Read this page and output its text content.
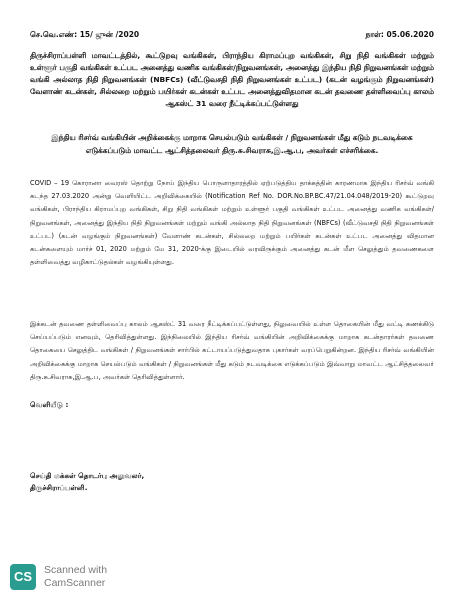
செ.வெ.எண்: 15/ ஜுன் /2020	நாள்: 05.06.2020
திருச்சிராப்பள்ளி மாவட்டத்தில், கூட்டுறவு வங்கிகள், பிராந்திய கிராமப்புற வங்கிகள், சிறு நிதி வங்கிகள் மற்றும் உள்ளூர் பகுதி வங்கிகள் உட்பட அனைத்து வணிக வங்கிகள்/நிறுவனங்கள், அனைத்து இந்திய நிதி நிறுவனங்கள் மற்றும் வங்கி அல்லாத நிதி நிறுவனங்கள் (NBFCs) (வீட்டுவசதி நிதி நிறுவனங்கள் உட்பட) (கடன் வழங்கும் நிறுவனங்கள்) வேளாண் கடன்கள், சில்லறை மற்றும் பயிர்கள் கடன்கள் உட்பட அனைத்துவிதமான கடன் தவணை தள்ளிவைப்பு காலம் ஆகஸ்ட் 31 வரை நீட்டிக்கப்பட்டுள்ளது
இந்திய ரிசர்வ் வங்கியின் அறிக்கைக்கு மாறாக செயல்படும் வங்கிகள் / நிறுவனங்கள் மீது கடும் நடவடிக்கை எடுக்கப்படும் மாவட்ட ஆட்சித்தலைவர் திரு.சு.சிவராசு,இ.ஆ.ப, அவர்கள் எச்சரிக்கை.
COVID – 19 கொரானா வைரஸ் தொற்று நோய் இந்திய பொருளாதாரத்தில் ஏற்படுத்திய தாக்கத்தின் காரணமாக இந்திய ரிசர்வ் வங்கி கடந்த 27.03.2020 அன்று வெளியிட்ட அறிவிக்கையில் (Notification Ref No. DOR.No.BP.BC.47/21.04.048/2019-20) கூட்டுறவு வங்கிகள், பிராந்திய கிராமப்புற வங்கிகள், சிறு நிதி வங்கிகள் மற்றும் உள்ளூர் பகுதி வங்கிகள் உட்பட அனைத்து வணிக வங்கிகள்/நிறுவனங்கள், அனைத்து இந்திய நிதி நிறுவனங்கள் மற்றும் வங்கி அல்லாத நிதி நிறுவனங்கள் (NBFCs) (வீட்டுவசதி நிதி நிறுவனங்கள் உட்பட) (கடன் வழங்கும் நிறுவனங்கள்) வேளாண் கடன்கள், சில்லறை மற்றும் பயிர்கள் கடன்கள் உட்பட அனைத்து விதமான கடன்களையும் மார்ச் 01, 2020 மற்றும் மே 31, 2020-க்கு இடையில் வரவிருக்கும் அனைத்து கடன் மீள செலுத்தும் தவணைகளை தள்ளிவைத்து வழிகாட்டுதல்கள் வழங்கியுள்ளது.
இக்கடன் தவணை தள்ளிவைப்பு காலம் ஆகஸ்ட் 31 வரை நீட்டிக்கப்பட்டுள்ளது, நிலுவையில் உள்ள தொகையின் மீது வட்டி கணக்கிடு செய்யப்படும் எனவும், தெரிவித்துள்ளது. இந்நிலையில் இந்திய ரிசர்வ் வங்கியின் அறிவிக்கைக்கு மாறாக கடன்தாரர்கள் தவணை தொகையை செலுத்திட வங்கிகள் / நிறுவனங்கள் சார்பில் கட்டாயப்படுத்துவதாக புகார்கள் வரப்பெறுகின்றன. இந்திய ரிசர்வ் வங்கியின் அறிவிக்கைக்கு மாறாக செயல்படும் வங்கிகள் / நிறுவனங்கள் மீது கடும் நடவடிக்கை எடுக்கப்படும் இவ்வாறு மாவட்ட ஆட்சித்தலைவர் திரு.சு.சிவராசு,இ.ஆ.ப, அவர்கள் தெரிவித்துள்ளார்.
வெளியீடு :
செய்தி மக்கள் தொடர்பு அலுவலர்,
திருச்சிராப்பள்ளி.
CS	Scanned with
CamScanner
